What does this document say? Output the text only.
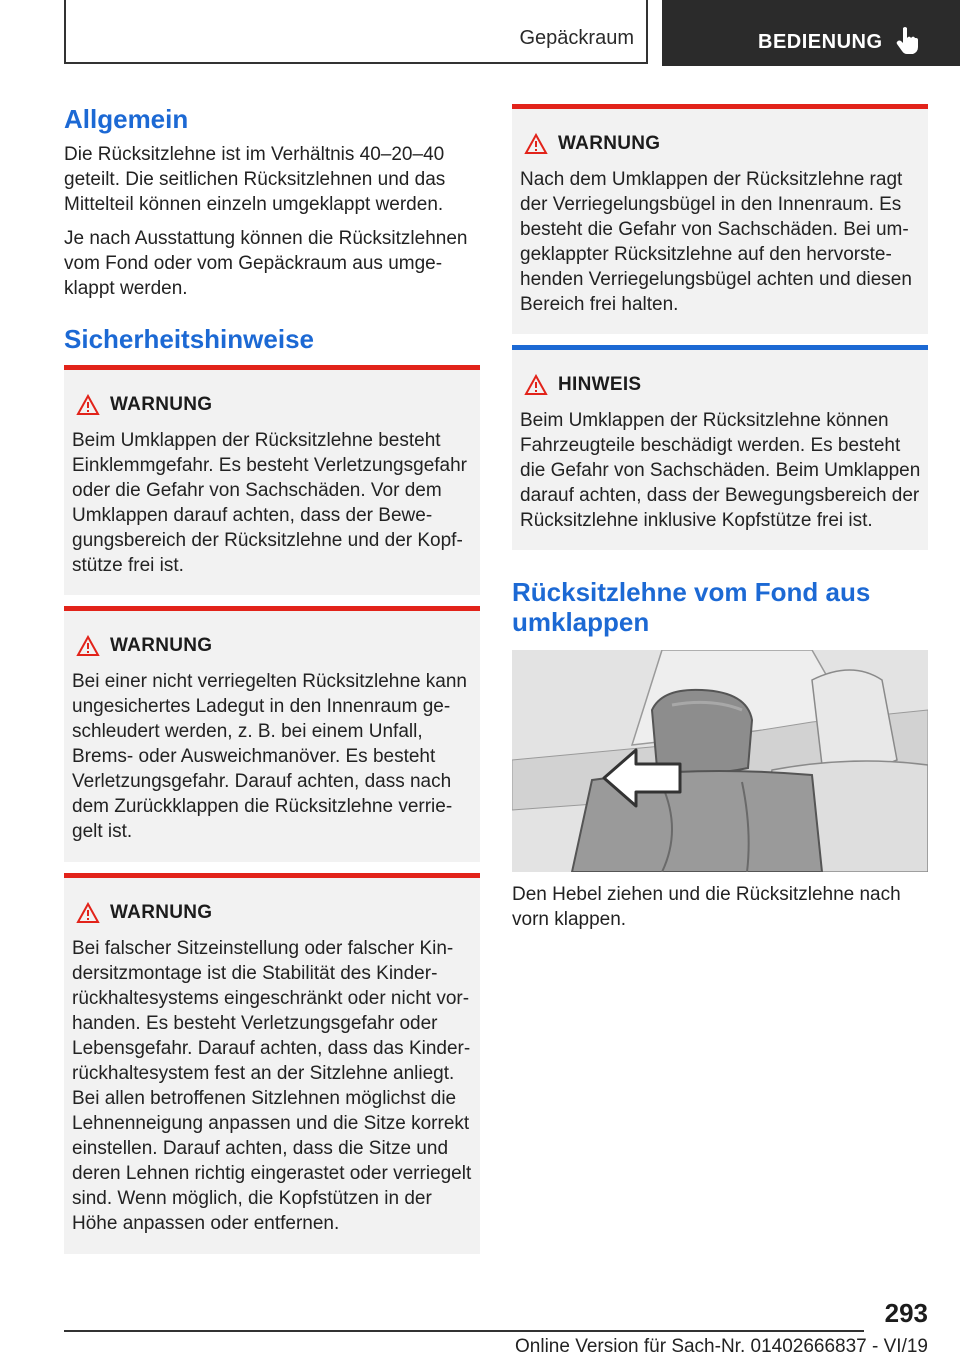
Gepäckraum	BEDIENUNG
Allgemein

Die Rücksitzlehne ist im Verhältnis 40–20–40 geteilt. Die seitlichen Rücksitzlehnen und das Mittelteil können einzeln umgeklappt werden.

Je nach Ausstattung können die Rücksitzlehnen vom Fond oder vom Gepäckraum aus umgeklappt werden.

Sicherheitshinweise
WARNUNG
Beim Umklappen der Rücksitzlehne besteht Einklemmgefahr. Es besteht Verletzungsgefahr oder die Gefahr von Sachschäden. Vor dem Umklappen darauf achten, dass der Bewegungsbereich der Rücksitzlehne und der Kopfstütze frei ist.
WARNUNG
Bei einer nicht verriegelten Rücksitzlehne kann ungesichertes Ladegut in den Innenraum geschleudert werden, z. B. bei einem Unfall, Brems- oder Ausweichmanöver. Es besteht Verletzungsgefahr. Darauf achten, dass nach dem Zurückklappen die Rücksitzlehne verriegelt ist.
WARNUNG
Bei falscher Sitzeinstellung oder falscher Kindersitzmontage ist die Stabilität des Kinderrückhaltesystems eingeschränkt oder nicht vorhanden. Es besteht Verletzungsgefahr oder Lebensgefahr. Darauf achten, dass das Kinderrückhaltesystem fest an der Sitzlehne anliegt. Bei allen betroffenen Sitzlehnen möglichst die Lehnenneigung anpassen und die Sitze korrekt einstellen. Darauf achten, dass die Sitze und deren Lehnen richtig eingerastet oder verriegelt sind. Wenn möglich, die Kopfstützen in der Höhe anpassen oder entfernen.
WARNUNG
Nach dem Umklappen der Rücksitzlehne ragt der Verriegelungsbügel in den Innenraum. Es besteht die Gefahr von Sachschäden. Bei umgeklappter Rücksitzlehne auf den hervorstehenden Verriegelungsbügel achten und diesen Bereich frei halten.
HINWEIS
Beim Umklappen der Rücksitzlehne können Fahrzeugteile beschädigt werden. Es besteht die Gefahr von Sachschäden. Beim Umklappen darauf achten, dass der Bewegungsbereich der Rücksitzlehne inklusive Kopfstütze frei ist.
Rücksitzlehne vom Fond aus umklappen

Den Hebel ziehen und die Rücksitzlehne nach vorn klappen.

293
Online Version für Sach-Nr. 01402666837 - VI/19
